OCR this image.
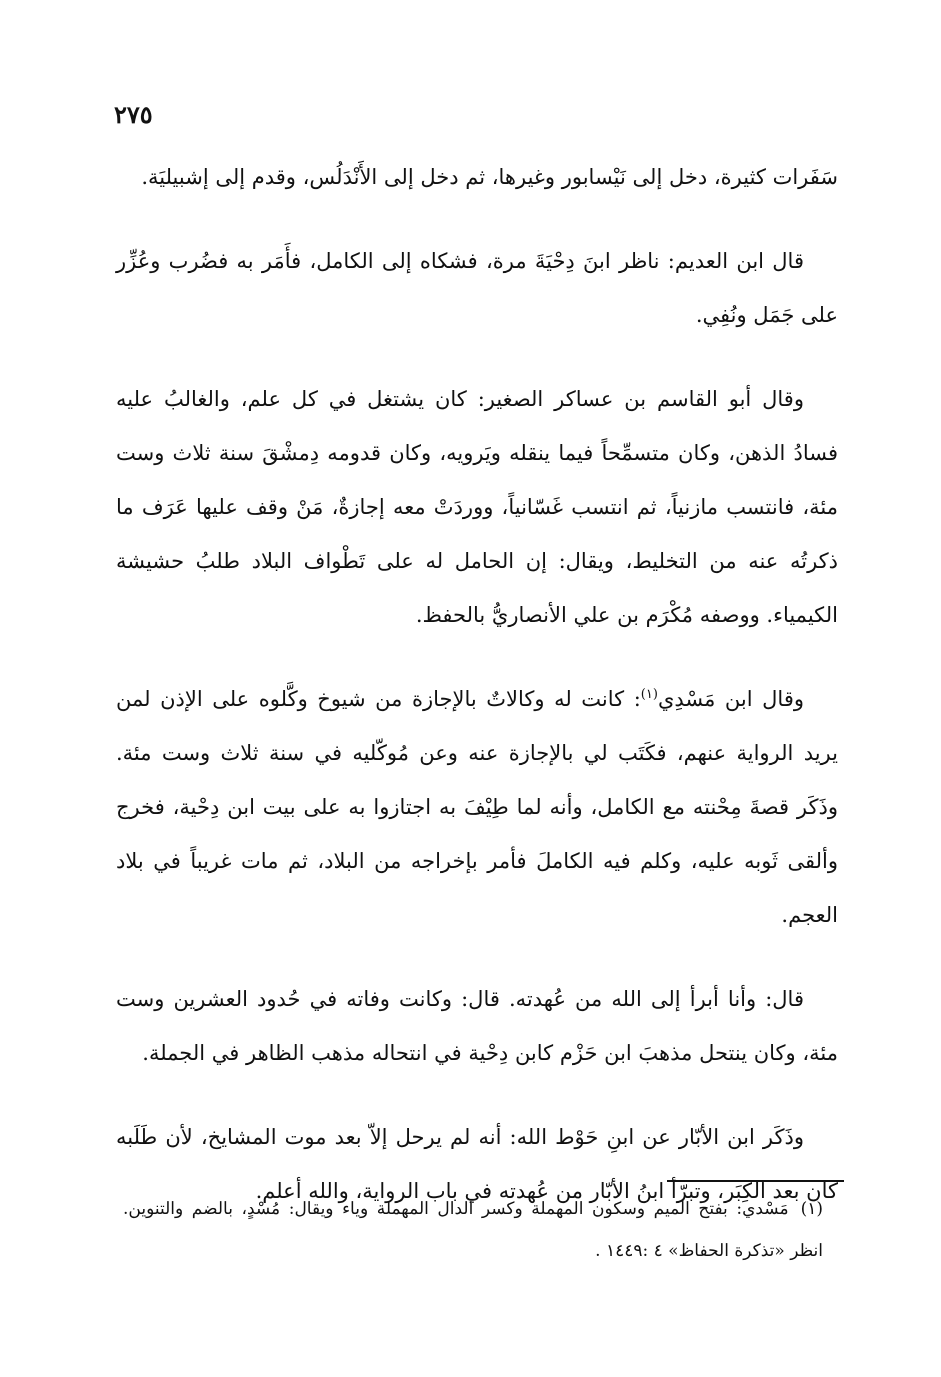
٢٧٥

سَفَرات كثيرة، دخل إلى نَيْسابور وغيرها، ثم دخل إلى الأَنْدَلُس، وقدم إلى إشبيليَة.

قال ابن العديم: ناظر ابنَ دِحْيَةَ مرة، فشكاه إلى الكامل، فأَمَر به فضُرب وعُزِّر على جَمَل ونُفِي.

وقال أبو القاسم بن عساكر الصغير: كان يشتغل في كل علم، والغالبُ عليه فسادُ الذهن، وكان متسمِّحاً فيما ينقله ويَرويه، وكان قدومه دِمشْقَ سنة ثلاث وست مئة، فانتسب مازنياً، ثم انتسب غَسّانياً، ووردَتْ معه إجازةٌ، مَنْ وقف عليها عَرَف ما ذكرتُه عنه من التخليط، ويقال: إن الحامل له على تَطْواف البلاد طلبُ حشيشة الكيمياء. ووصفه مُكْرَم بن علي الأنصاريُّ بالحفظ.

وقال ابن مَسْدِي$^{(١)}$: كانت له وكالاتٌ بالإجازة من شيوخ وكَّلوه على الإذن لمن يريد الرواية عنهم، فكَتَب لي بالإجازة عنه وعن مُوكّليه في سنة ثلاث وست مئة. وذَكَر قصةَ مِحْنته مع الكامل، وأنه لما طِيْفَ به اجتازوا به على بيت ابن دِحْية، فخرج وألقى ثَوبه عليه، وكلم فيه الكاملَ فأمر بإخراجه من البلاد، ثم مات غريباً في بلاد العجم.

قال: وأنا أبرأ إلى الله من عُهدته. قال: وكانت وفاته في حُدود العشرين وست مئة، وكان ينتحل مذهبَ ابن حَزْم كابن دِحْية في انتحاله مذهب الظاهر في الجملة.

وذَكَر ابن الأبّار عن ابنِ حَوْط الله: أنه لم يرحل إلاّ بعد موت المشايخ، لأن طَلَبه كان بعد الكِبَر، وتبرّأ ابنُ الأبّار من عُهدته في باب الرواية، والله أعلم.

(١)مَسْدي: بفتح الميم وسكون المهملة وكسر الدال المهملة وياء ويقال: مُسْدٍ، بالضم والتنوين. انظر «تذكرة الحفاظ» ٤ :١٤٤٩ .
